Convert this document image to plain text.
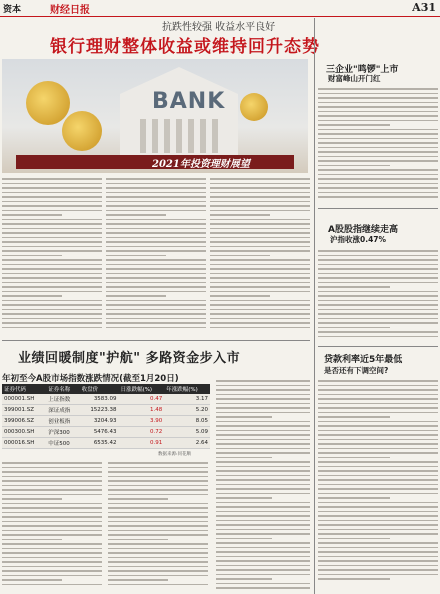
资本	财经日报	A31
抗跌性较强 收益水平良好
银行理财整体收益或维持回升态势
BANK
2021年投资理财展望
业绩回暖制度"护航" 多路资金步入市
年初至今A股市场指数涨跌情况(截至1月20日)
证券代码	证券名称	收盘价	日涨跌幅(%)	年涨跌幅(%)
000001.SH	上证指数	3583.09	0.47	3.17
399001.SZ	深证成指	15223.38	1.48	5.20
399006.SZ	创业板指	3204.93	3.90	8.05
000300.SH	沪深300	5476.43	0.72	5.09
000016.SH	中证500	6535.42	0.91	2.64
数据来源:同花顺
三企业"鸣锣"上市
财富峰山开门红
A股股指继续走高
沪指收涨0.47%
贷款利率近5年最低
是否还有下调空间?
